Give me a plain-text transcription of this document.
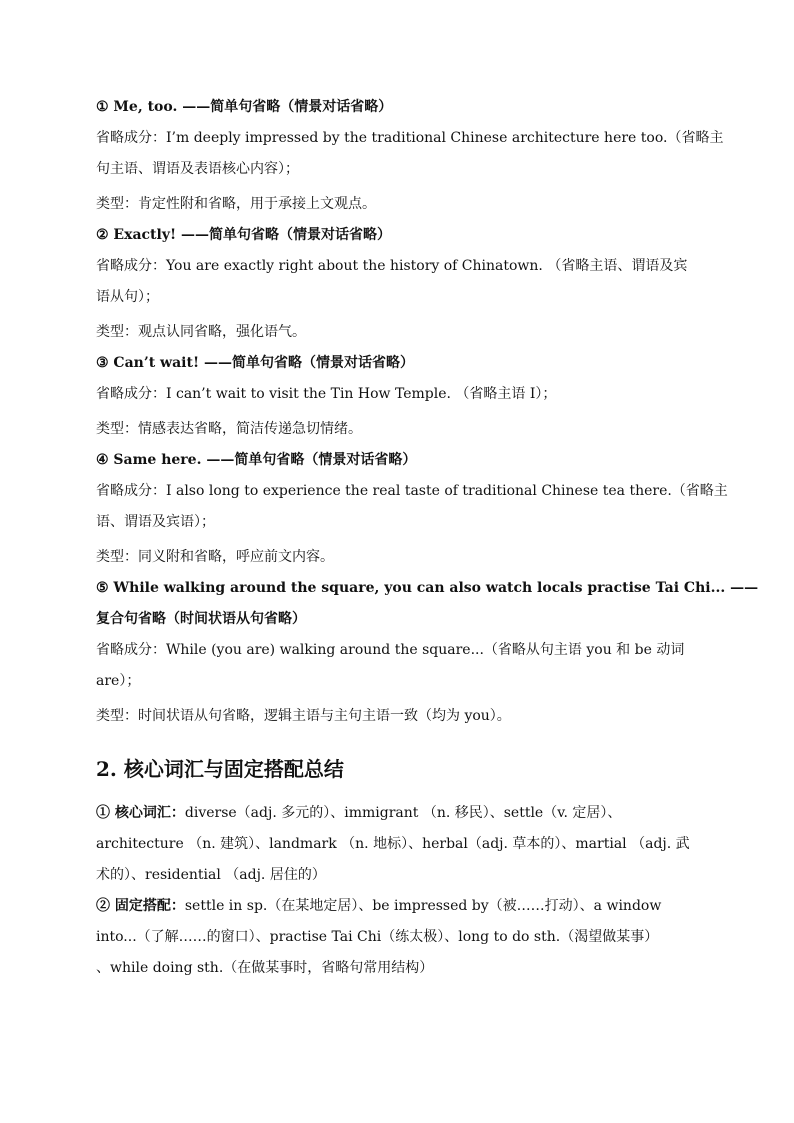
① Me, too. ——简单句省略（情景对话省略）
省略成分：I’m deeply impressed by the traditional Chinese architecture here too.（省略主
句主语、谓语及表语核心内容）；
类型：肯定性附和省略，用于承接上文观点。
② Exactly! ——简单句省略（情景对话省略）
省略成分：You are exactly right about the history of Chinatown. （省略主语、谓语及宾
语从句）；
类型：观点认同省略，强化语气。
③ Can’t wait! ——简单句省略（情景对话省略）
省略成分：I can’t wait to visit the Tin How Temple. （省略主语 I）；
类型：情感表达省略，简洁传递急切情绪。
④ Same here. ——简单句省略（情景对话省略）
省略成分：I also long to experience the real taste of traditional Chinese tea there.（省略主
语、谓语及宾语）；
类型：同义附和省略，呼应前文内容。
⑤ While walking around the square, you can also watch locals practise Tai Chi... ——
复合句省略（时间状语从句省略）
省略成分：While (you are) walking around the square...（省略从句主语 you 和 be 动词
are）；
类型：时间状语从句省略，逻辑主语与主句主语一致（均为 you）。
2. 核心词汇与固定搭配总结
① 核心词汇：diverse（adj. 多元的）、immigrant （n. 移民）、settle（v. 定居）、
architecture （n. 建筑）、landmark （n. 地标）、herbal（adj. 草本的）、martial （adj. 武
术的）、residential （adj. 居住的）
② 固定搭配：settle in sp.（在某地定居）、be impressed by（被……打动）、a window
into...（了解……的窗口）、practise Tai Chi（练太极）、long to do sth.（渴望做某事）
、while doing sth.（在做某事时，省略句常用结构）
